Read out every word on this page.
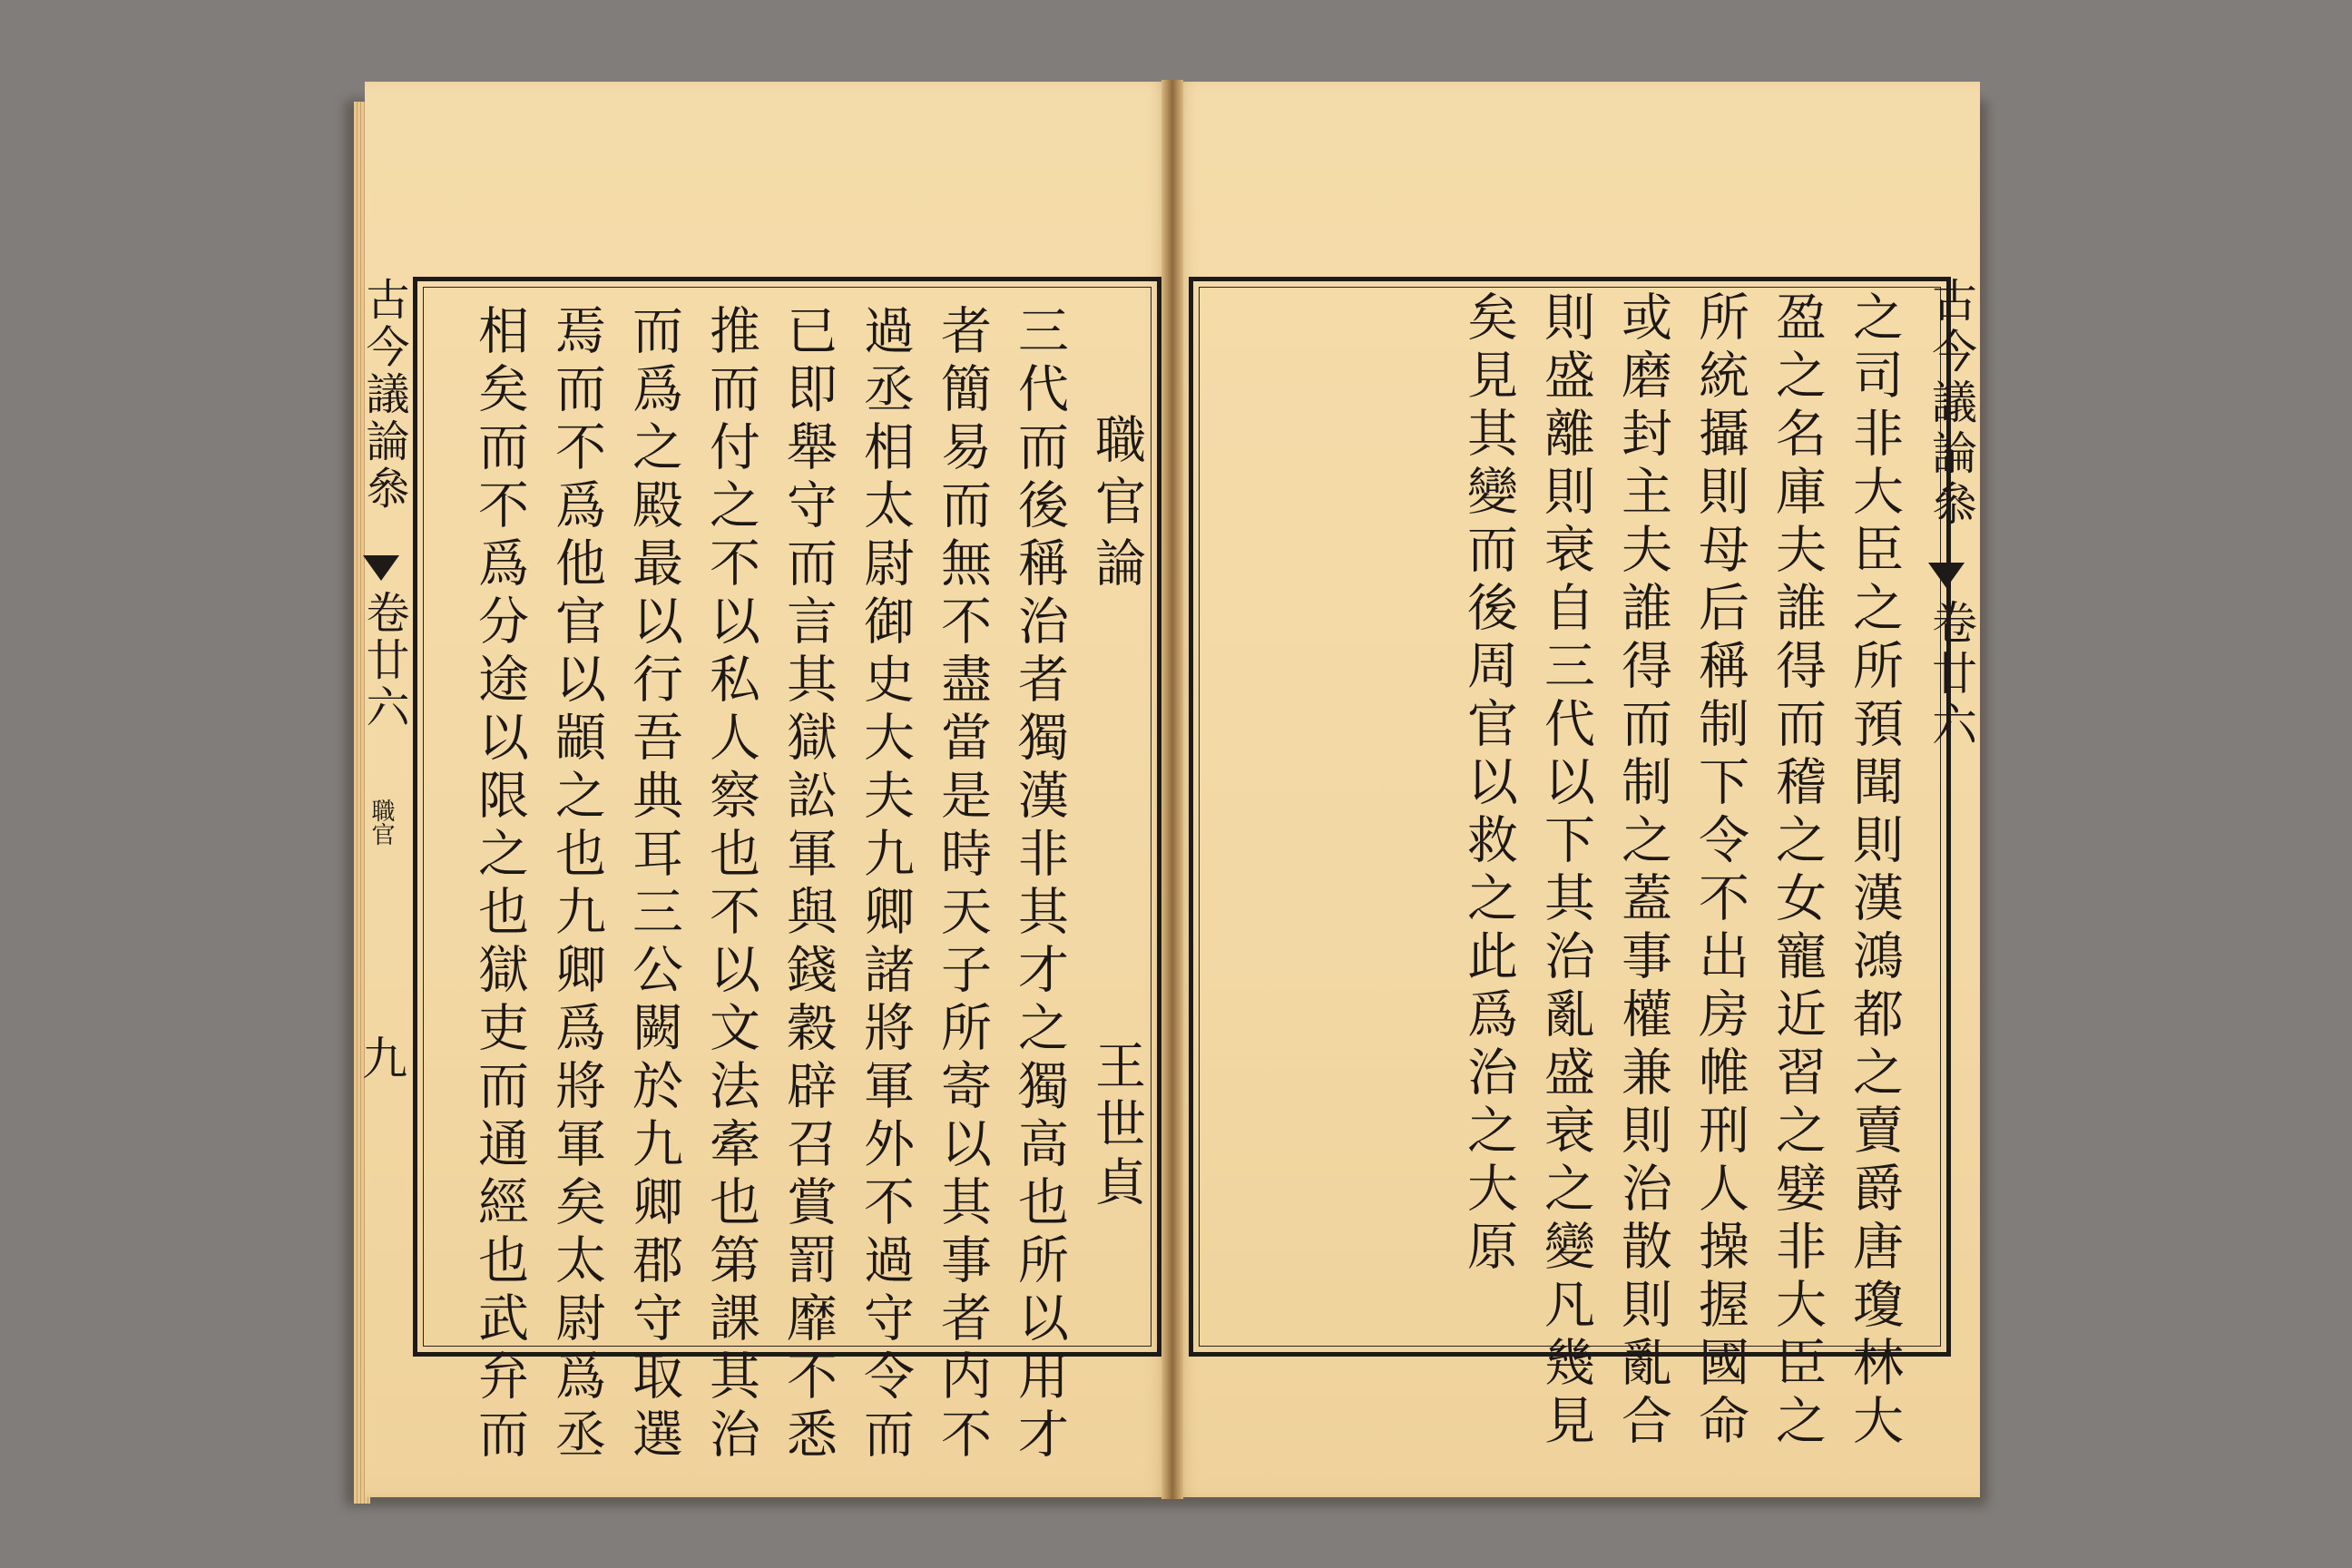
古今議論叅
卷廿六
職官
九
職官論
王世貞
三代而後稱治者獨漢非其才之獨高也所以用才
者簡易而無不盡當是時天子所寄以其事者内不
過丞相太尉御史大夫九卿諸將軍外不過守令而
已即舉守而言其獄訟軍與錢穀辟召賞罰靡不悉
推而付之不以私人察也不以文法牽也第課其治
而爲之殿最以行吾典耳三公闕於九卿郡守取選
焉而不爲他官以顓之也九卿爲將軍矣太尉爲丞
相矣而不爲分途以限之也獄吏而通經也武弁而	古今議論叅
卷廿六
之司非大臣之所預聞則漢鴻都之賣爵唐瓊林大
盈之名庫夫誰得而稽之女寵近習之嬖非大臣之
所統攝則母后稱制下令不出房帷刑人操握國命
或磨封主夫誰得而制之蓋事權兼則治散則亂合
則盛離則衰自三代以下其治亂盛衰之變凡幾見
矣見其變而後周官以救之此爲治之大原
